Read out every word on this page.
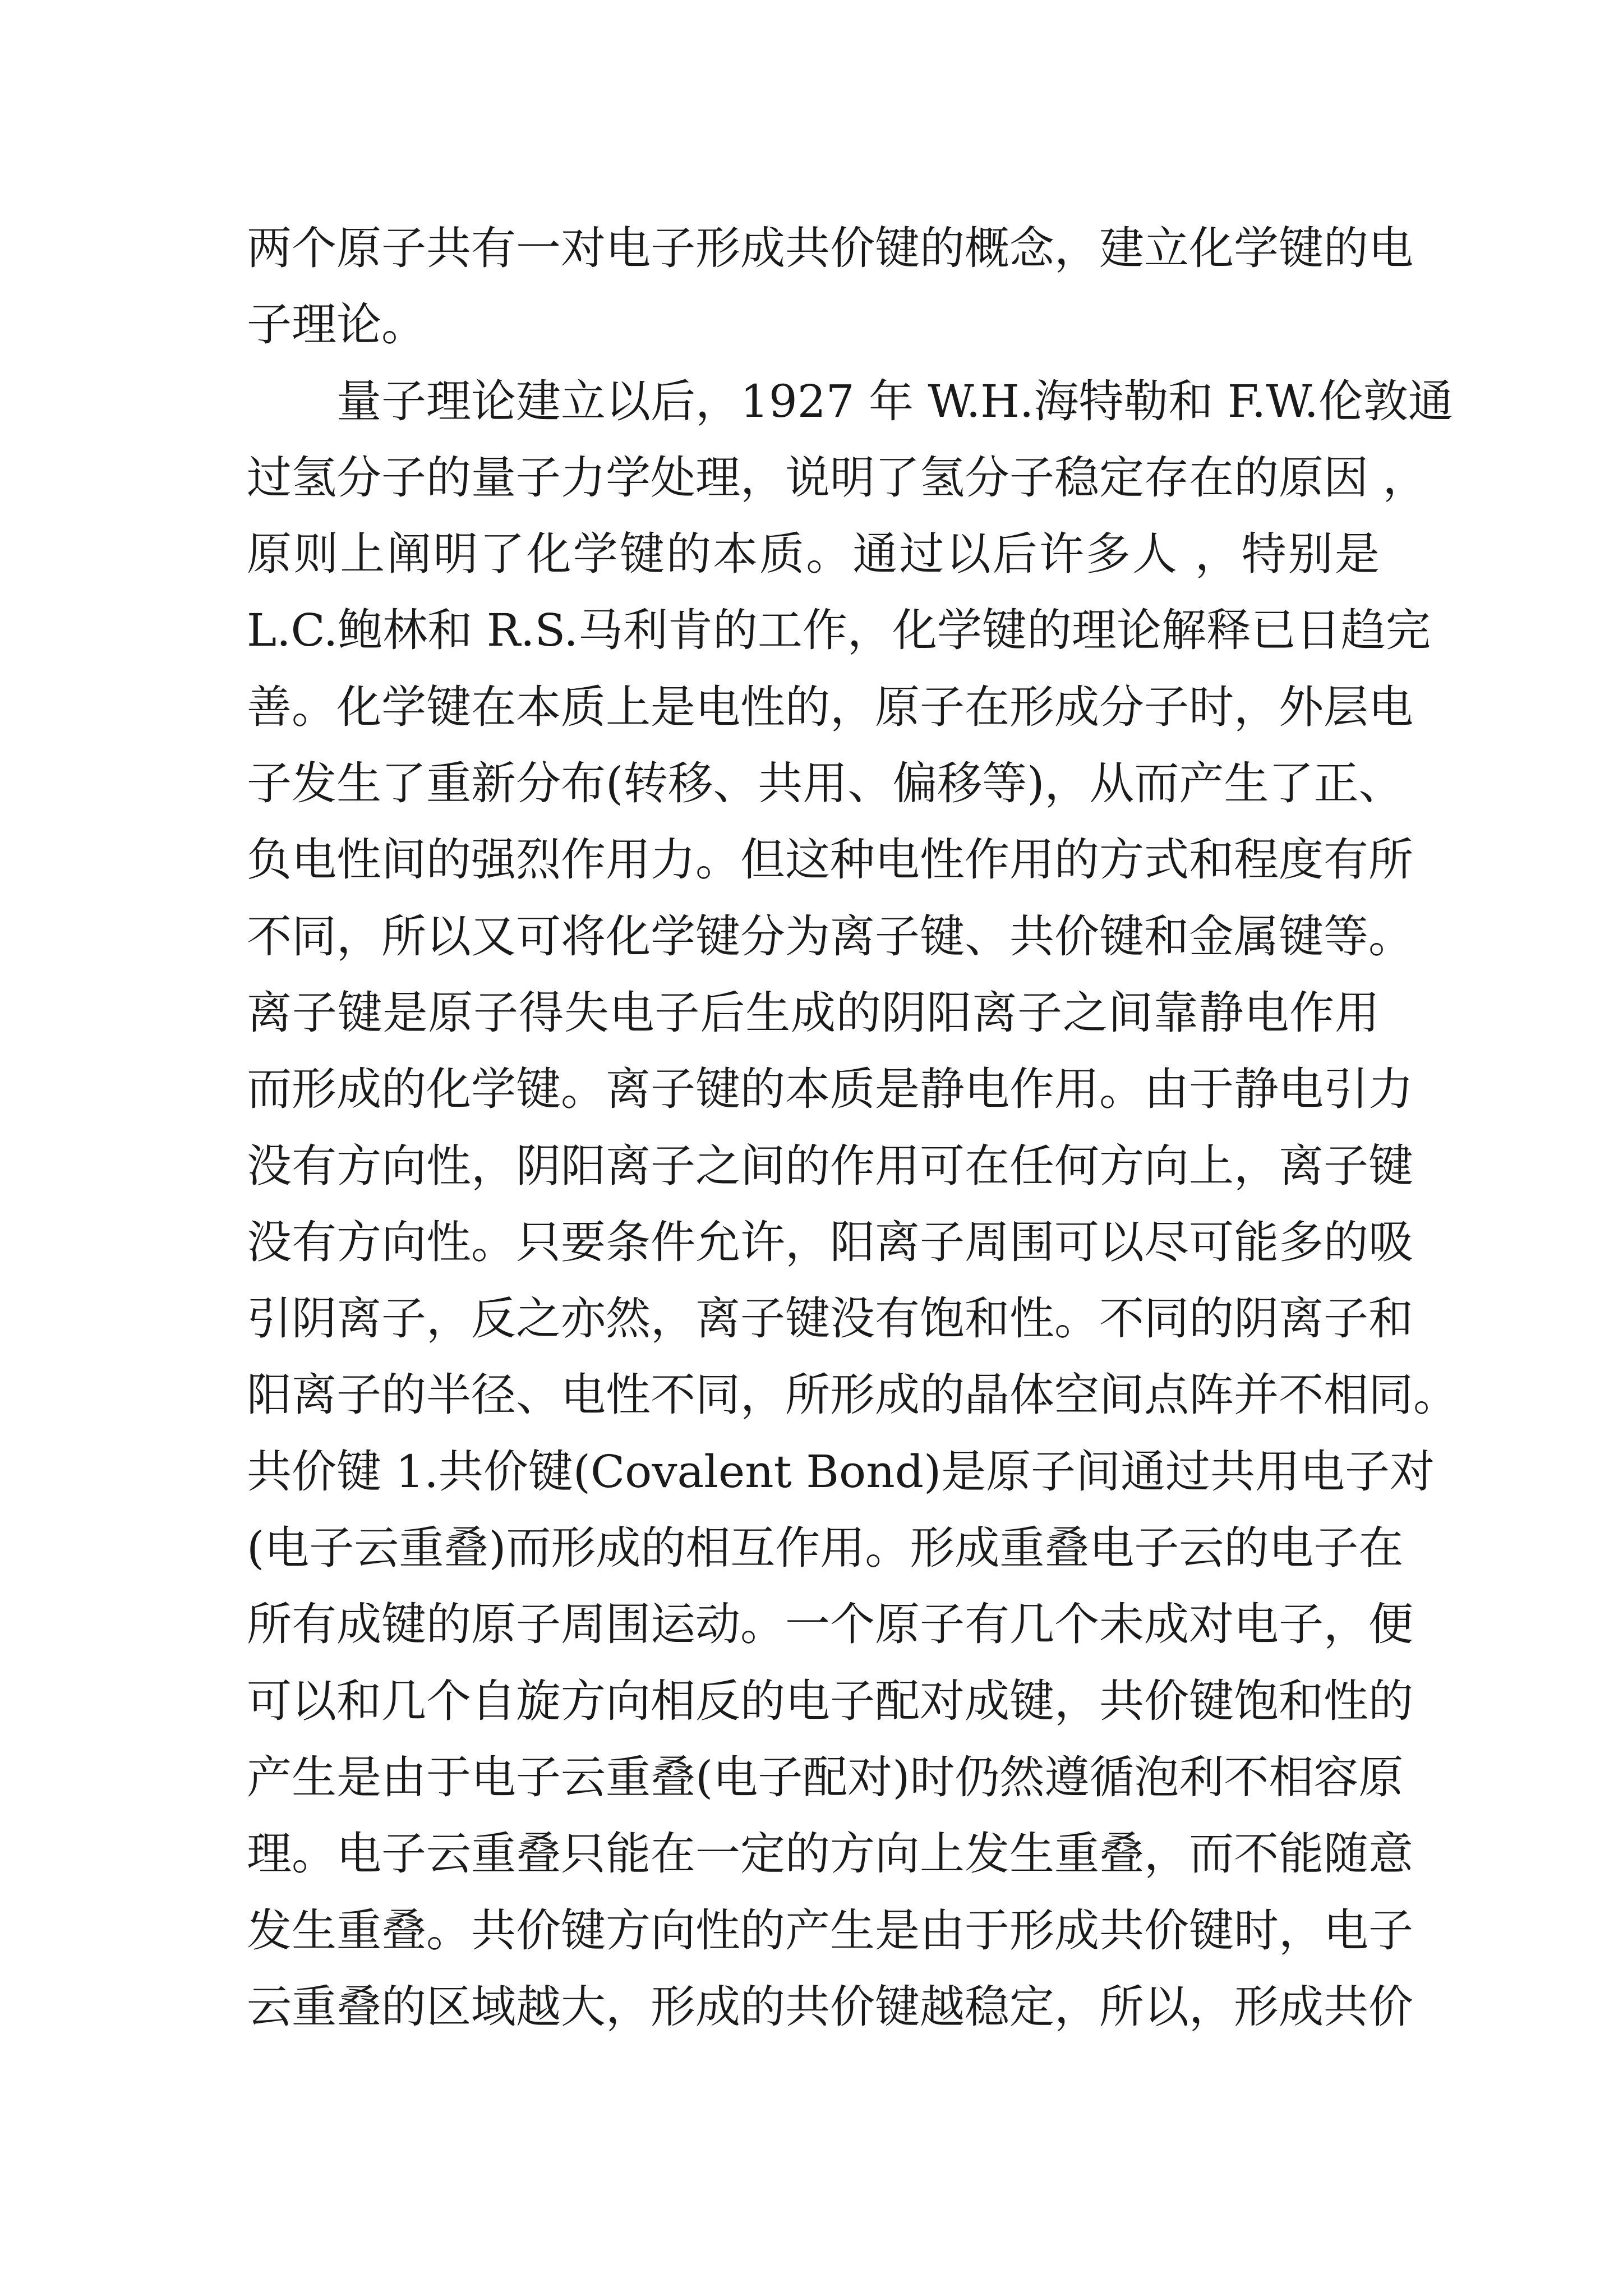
两个原子共有一对电子形成共价键的概念，建立化学键的电
子理论。
量子理论建立以后，1927 年 W.H.海特勒和 F.W.伦敦通
过氢分子的量子力学处理，说明了氢分子稳定存在的原因 ，
原则上阐明了化学键的本质。通过以后许多人 ，特别是
L.C.鲍林和 R.S.马利肯的工作，化学键的理论解释已日趋完
善。化学键在本质上是电性的，原子在形成分子时，外层电
子发生了重新分布(转移、共用、偏移等)，从而产生了正、
负电性间的强烈作用力。但这种电性作用的方式和程度有所
不同，所以又可将化学键分为离子键、共价键和金属键等。
离子键是原子得失电子后生成的阴阳离子之间靠静电作用
而形成的化学键。离子键的本质是静电作用。由于静电引力
没有方向性，阴阳离子之间的作用可在任何方向上，离子键
没有方向性。只要条件允许，阳离子周围可以尽可能多的吸
引阴离子，反之亦然，离子键没有饱和性。不同的阴离子和
阳离子的半径、电性不同，所形成的晶体空间点阵并不相同。
共价键 1.共价键(Covalent Bond)是原子间通过共用电子对
(电子云重叠)而形成的相互作用。形成重叠电子云的电子在
所有成键的原子周围运动。一个原子有几个未成对电子，便
可以和几个自旋方向相反的电子配对成键，共价键饱和性的
产生是由于电子云重叠(电子配对)时仍然遵循泡利不相容原
理。电子云重叠只能在一定的方向上发生重叠，而不能随意
发生重叠。共价键方向性的产生是由于形成共价键时，电子
云重叠的区域越大，形成的共价键越稳定，所以，形成共价
